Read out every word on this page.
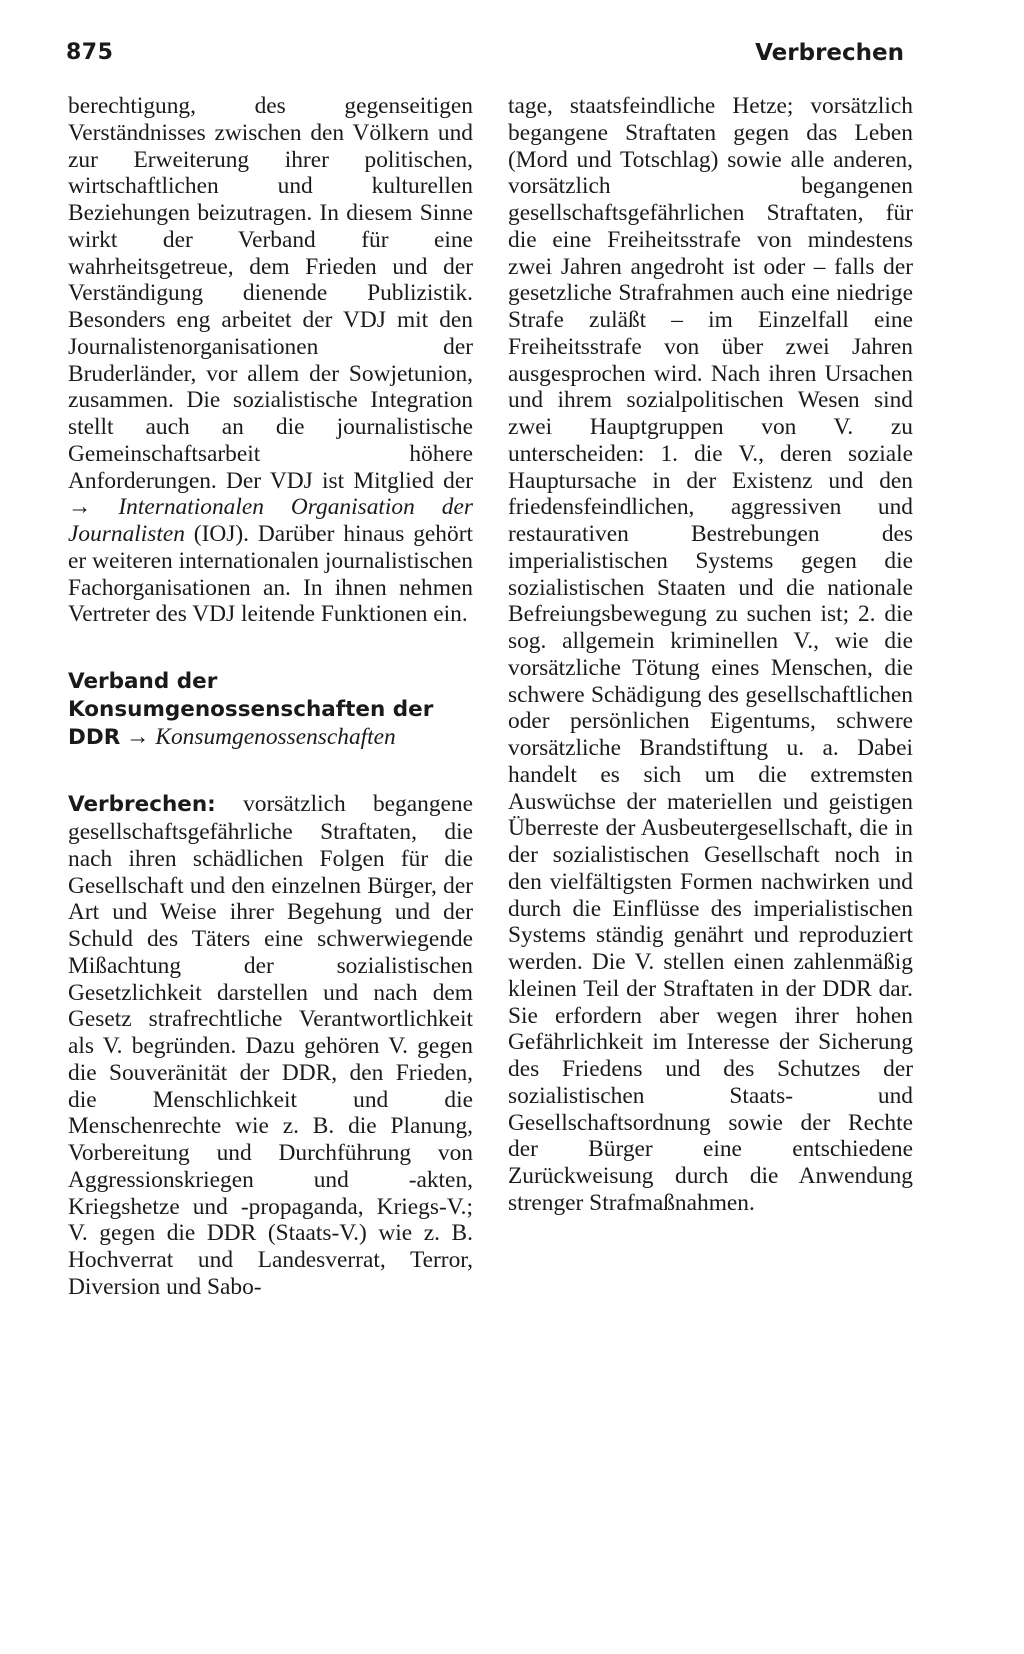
875	Verbrechen

berechtigung, des gegenseitigen Verständnisses zwischen den Völkern und zur Erweiterung ihrer politischen, wirtschaftlichen und kulturellen Beziehungen beizutragen. In diesem Sinne wirkt der Verband für eine wahrheitsgetreue, dem Frieden und der Verständigung dienende Publizistik. Besonders eng arbeitet der VDJ mit den Journalistenorganisationen der Bruderländer, vor allem der Sowjetunion, zusammen. Die sozialistische Integration stellt auch an die journalistische Gemeinschaftsarbeit höhere Anforderungen. Der VDJ ist Mitglied der → Internationalen Organisation der Journalisten (IOJ). Darüber hinaus gehört er weiteren internationalen journalistischen Fachorganisationen an. In ihnen nehmen Vertreter des VDJ leitende Funktionen ein.

Verband der Konsumgenossenschaften der DDR → Konsumgenossenschaften

Verbrechen: vorsätzlich begangene gesellschaftsgefährliche Straftaten, die nach ihren schädlichen Folgen für die Gesellschaft und den einzelnen Bürger, der Art und Weise ihrer Begehung und der Schuld des Täters eine schwerwiegende Mißachtung der sozialistischen Gesetzlichkeit darstellen und nach dem Gesetz strafrechtliche Verantwortlichkeit als V. begründen. Dazu gehören V. gegen die Souveränität der DDR, den Frieden, die Menschlichkeit und die Menschenrechte wie z. B. die Planung, Vorbereitung und Durchführung von Aggressionskriegen und -akten, Kriegshetze und -propaganda, Kriegs-V.; V. gegen die DDR (Staats-V.) wie z. B. Hochverrat und Landesverrat, Terror, Diversion und Sabo-

tage, staatsfeindliche Hetze; vorsätzlich begangene Straftaten gegen das Leben (Mord und Totschlag) sowie alle anderen, vorsätzlich begangenen gesellschaftsgefährlichen Straftaten, für die eine Freiheitsstrafe von mindestens zwei Jahren angedroht ist oder – falls der gesetzliche Strafrahmen auch eine niedrige Strafe zuläßt – im Einzelfall eine Freiheitsstrafe von über zwei Jahren ausgesprochen wird. Nach ihren Ursachen und ihrem sozialpolitischen Wesen sind zwei Hauptgruppen von V. zu unterscheiden: 1. die V., deren soziale Hauptursache in der Existenz und den friedensfeindlichen, aggressiven und restaurativen Bestrebungen des imperialistischen Systems gegen die sozialistischen Staaten und die nationale Befreiungsbewegung zu suchen ist; 2. die sog. allgemein kriminellen V., wie die vorsätzliche Tötung eines Menschen, die schwere Schädigung des gesellschaftlichen oder persönlichen Eigentums, schwere vorsätzliche Brandstiftung u. a. Dabei handelt es sich um die extremsten Auswüchse der materiellen und geistigen Überreste der Ausbeutergesellschaft, die in der sozialistischen Gesellschaft noch in den vielfältigsten Formen nachwirken und durch die Einflüsse des imperialistischen Systems ständig genährt und reproduziert werden. Die V. stellen einen zahlenmäßig kleinen Teil der Straftaten in der DDR dar. Sie erfordern aber wegen ihrer hohen Gefährlichkeit im Interesse der Sicherung des Friedens und des Schutzes der sozialistischen Staats- und Gesellschaftsordnung sowie der Rechte der Bürger eine entschiedene Zurückweisung durch die Anwendung strenger Strafmaßnahmen.
